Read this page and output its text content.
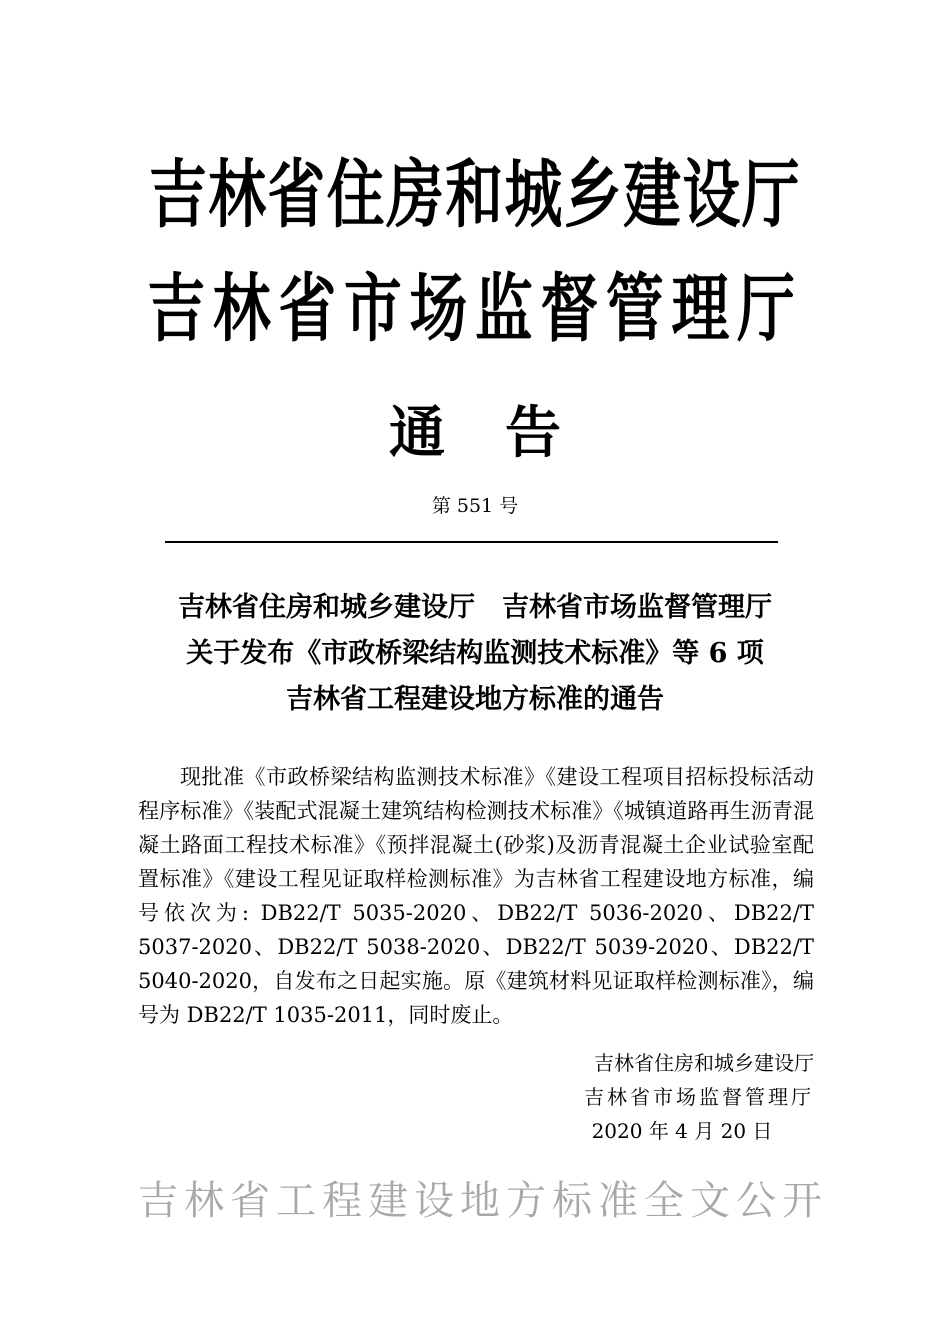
吉林省住房和城乡建设厅
吉林省市场监督管理厅
通告
第 551 号
吉林省住房和城乡建设厅　吉林省市场监督管理厅
关于发布《市政桥梁结构监测技术标准》等 6 项
吉林省工程建设地方标准的通告

现批准《市政桥梁结构监测技术标准》《建设工程项目招标投标活动程序标准》《装配式混凝土建筑结构检测技术标准》《城镇道路再生沥青混凝土路面工程技术标准》《预拌混凝土(砂浆)及沥青混凝土企业试验室配置标准》《建设工程见证取样检测标准》为吉林省工程建设地方标准，编号依次为: DB22/T 5035-2020、DB22/T 5036-2020、DB22/T 5037-2020、DB22/T 5038-2020、DB22/T 5039-2020、DB22/T 5040-2020，自发布之日起实施。原《建筑材料见证取样检测标准》，编号为 DB22/T 1035-2011，同时废止。

吉林省住房和城乡建设厅
吉林省市场监督管理厅
2020 年 4 月 20 日
吉林省工程建设地方标准全文公开
